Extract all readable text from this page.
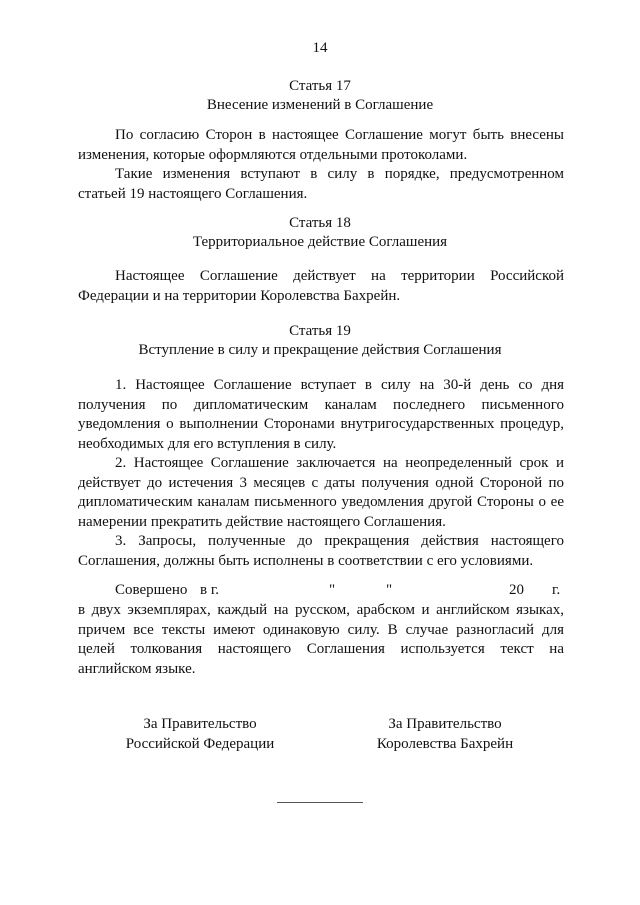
14
Статья 17
Внесение изменений в Соглашение
По согласию Сторон в настоящее Соглашение могут быть внесены изменения, которые оформляются отдельными протоколами.
Такие изменения вступают в силу в порядке, предусмотренном статьей 19 настоящего Соглашения.
Статья 18
Территориальное действие Соглашения
Настоящее Соглашение действует на территории Российской Федерации и на территории Королевства Бахрейн.
Статья 19
Вступление в силу и прекращение действия Соглашения
1. Настоящее Соглашение вступает в силу на 30-й день со дня получения по дипломатическим каналам последнего письменного уведомления о выполнении Сторонами внутригосударственных процедур, необходимых для его вступления в силу.
2. Настоящее Соглашение заключается на неопределенный срок и действует до истечения 3 месяцев с даты получения одной Стороной по дипломатическим каналам письменного уведомления другой Стороны о ее намерении прекратить действие настоящего Соглашения.
3. Запросы, полученные до прекращения действия настоящего Соглашения, должны быть исполнены в соответствии с его условиями.
Совершено в г.	"	"	20 г.
в двух экземплярах, каждый на русском, арабском и английском языках, причем все тексты имеют одинаковую силу. В случае разногласий для целей толкования настоящего Соглашения используется текст на английском языке.
За Правительство
Российской Федерации
За Правительство
Королевства Бахрейн
